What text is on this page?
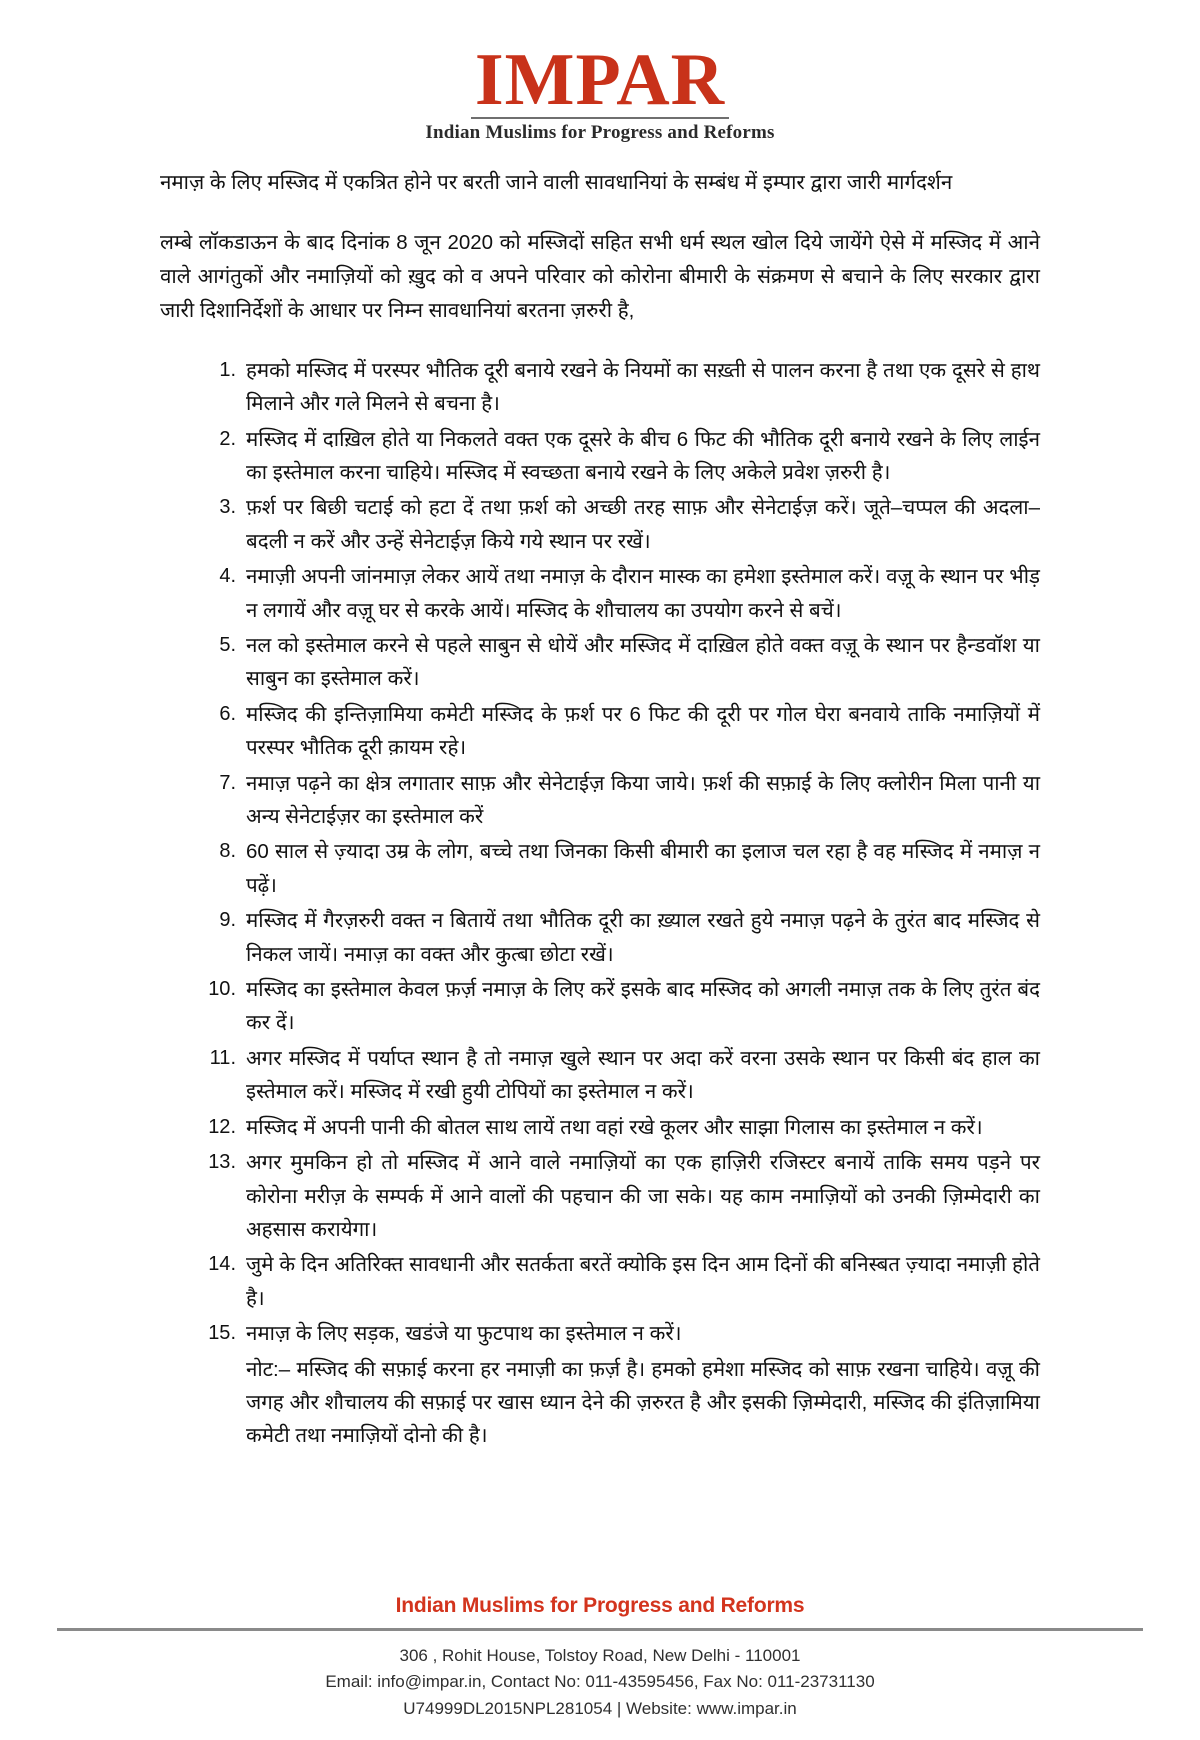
IMPAR
Indian Muslims for Progress and Reforms
नमाज़ के लिए मस्जिद में एकत्रित होने पर बरती जाने वाली सावधानियां के सम्बंध में इम्पार द्वारा जारी मार्गदर्शन
लम्बे लॉकडाऊन के बाद दिनांक 8 जून 2020 को मस्जिदों सहित सभी धर्म स्थल खोल दिये जायेंगे ऐसे में मस्जिद में आने वाले आगंतुकों और नमाज़ियों को ख़ुद को व अपने परिवार को कोरोना बीमारी के संक्रमण से बचाने के लिए सरकार द्वारा जारी दिशानिर्देशों के आधार पर निम्न सावधानियां बरतना ज़रुरी है,
हमको मस्जिद में परस्पर भौतिक दूरी बनाये रखने के नियमों का सख़्ती से पालन करना है तथा एक दूसरे से हाथ मिलाने और गले मिलने से बचना है।
मस्जिद में दाख़िल होते या निकलते वक्त एक दूसरे के बीच 6 फिट की भौतिक दूरी बनाये रखने के लिए लाईन का इस्तेमाल करना चाहिये। मस्जिद में स्वच्छता बनाये रखने के लिए अकेले प्रवेश ज़रुरी है।
फ़र्श पर बिछी चटाई को हटा दें तथा फ़र्श को अच्छी तरह साफ़ और सेनेटाईज़ करें। जूते–चप्पल की अदला–बदली न करें और उन्हें सेनेटाईज़ किये गये स्थान पर रखें।
नमाज़ी अपनी जांनमाज़ लेकर आयें तथा नमाज़ के दौरान मास्क का हमेशा इस्तेमाल करें। वज़ू के स्थान पर भीड़ न लगायें और वज़ू घर से करके आयें। मस्जिद के शौचालय का उपयोग करने से बचें।
नल को इस्तेमाल करने से पहले साबुन से धोयें और मस्जिद में दाख़िल होते वक्त वज़ू के स्थान पर हैन्डवॉश या साबुन का इस्तेमाल करें।
मस्जिद की इन्तिज़ामिया कमेटी मस्जिद के फ़र्श पर 6 फिट की दूरी पर गोल घेरा बनवाये ताकि नमाज़ियों में परस्पर भौतिक दूरी क़ायम रहे।
नमाज़ पढ़ने का क्षेत्र लगातार साफ़ और सेनेटाईज़ किया जाये। फ़र्श की सफ़ाई के लिए क्लोरीन मिला पानी या अन्य सेनेटाईज़र का इस्तेमाल करें
60 साल से ज़्यादा उम्र के लोग, बच्चे तथा जिनका किसी बीमारी का इलाज चल रहा है वह मस्जिद में नमाज़ न पढ़ें।
मस्जिद में गैरज़रुरी वक्त न बितायें तथा भौतिक दूरी का ख़्याल रखते हुये नमाज़ पढ़ने के तुरंत बाद मस्जिद से निकल जायें। नमाज़ का वक्त और कुत्बा छोटा रखें।
मस्जिद का इस्तेमाल केवल फ़र्ज़ नमाज़ के लिए करें इसके बाद मस्जिद को अगली नमाज़ तक के लिए तुरंत बंद कर दें।
अगर मस्जिद में पर्याप्त स्थान है तो नमाज़ खुले स्थान पर अदा करें वरना उसके स्थान पर किसी बंद हाल का इस्तेमाल करें। मस्जिद में रखी हुयी टोपियों का इस्तेमाल न करें।
मस्जिद में अपनी पानी की बोतल साथ लायें तथा वहां रखे कूलर और साझा गिलास का इस्तेमाल न करें।
अगर मुमकिन हो तो मस्जिद में आने वाले नमाज़ियों का एक हाज़िरी रजिस्टर बनायें ताकि समय पड़ने पर कोरोना मरीज़ के सम्पर्क में आने वालों की पहचान की जा सके। यह काम नमाज़ियों को उनकी ज़िम्मेदारी का अहसास करायेगा।
जुमे के दिन अतिरिक्त सावधानी और सतर्कता बरतें क्योकि इस दिन आम दिनों की बनिस्बत ज़्यादा नमाज़ी होते है।
नमाज़ के लिए सड़क, खडंजे या फुटपाथ का इस्तेमाल न करें।
नोट:– मस्जिद की सफ़ाई करना हर नमाज़ी का फ़र्ज़ है। हमको हमेशा मस्जिद को साफ़ रखना चाहिये। वज़ू की जगह और शौचालय की सफ़ाई पर खास ध्यान देने की ज़रुरत है और इसकी ज़िम्मेदारी, मस्जिद की इंतिज़ामिया कमेटी तथा नमाज़ियों दोनो की है।
Indian Muslims for Progress and Reforms
306 , Rohit House, Tolstoy Road, New Delhi - 110001
Email: info@impar.in, Contact No: 011-43595456, Fax No: 011-23731130
U74999DL2015NPL281054 | Website: www.impar.in
